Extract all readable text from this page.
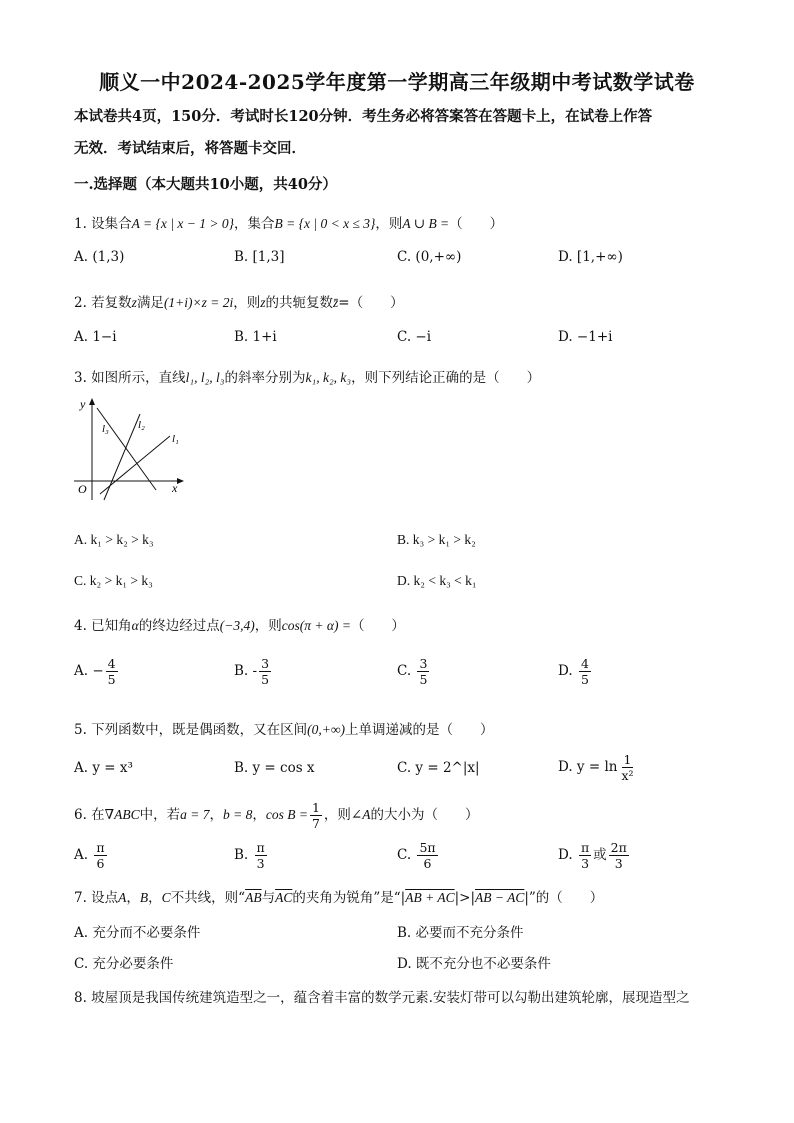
顺义一中2024-2025学年度第一学期高三年级期中考试数学试卷
本试卷共4页，150分．考试时长120分钟．考生务必将答案答在答题卡上，在试卷上作答
无效．考试结束后，将答题卡交回．
一.选择题（本大题共10小题，共40分）
1. 设集合A = {x | x − 1 > 0}，集合B = {x | 0 < x ≤ 3}，则A ∪ B =（　　）
A. (1,3)	B. [1,3]	C. (0,+∞)	D. [1,+∞)
2. 若复数z满足(1+i)×z = 2i，则z的共轭复数z̄=（　　）
A. 1−i	B. 1+i	C. −i	D. −1+i
3. 如图所示，直线l₁, l₂, l₃的斜率分别为k₁, k₂, k₃，则下列结论正确的是（　　）
y
x
O
l₁
l₂
l₃
A. k₁ > k₂ > k₃	B. k₃ > k₁ > k₂
C. k₂ > k₁ > k₃	D. k₂ < k₃ < k₁
4. 已知角α的终边经过点(−3,4)，则cos(π + α) =（　　）
A. − $\frac{4}{5}$	B. - $\frac{3}{5}$	C. $\frac{3}{5}$	D. $\frac{4}{5}$
5. 下列函数中，既是偶函数，又在区间(0,+∞)上单调递减的是（　　）
A. y = x³	B. y = cos x	C. y = 2^|x|	D. $y = \ln \frac{1}{\text{x²}}$
6. 在∇ABC中，若a = 7，b = 8，$\cos B = \frac{1}{7}$ ，则∠A的大小为（　　）
A. $\frac{\pi}{6}$	B. $\frac{\pi}{3}$	C. $\frac{5\pi}{6}$	D. $\frac{\pi}{3}$ 或 $\frac{2\pi}{3}$
7. 设点A，B，C不共线，则“$\overline{AB}$与$\overline{AC}$的夹角为锐角”是“|AB + AC|>|AB − AC|”的（　　）
A. 充分而不必要条件	B. 必要而不充分条件
C. 充分必要条件	D. 既不充分也不必要条件
8. 坡屋顶是我国传统建筑造型之一，蕴含着丰富的数学元素.安装灯带可以勾勒出建筑轮廓，展现造型之
